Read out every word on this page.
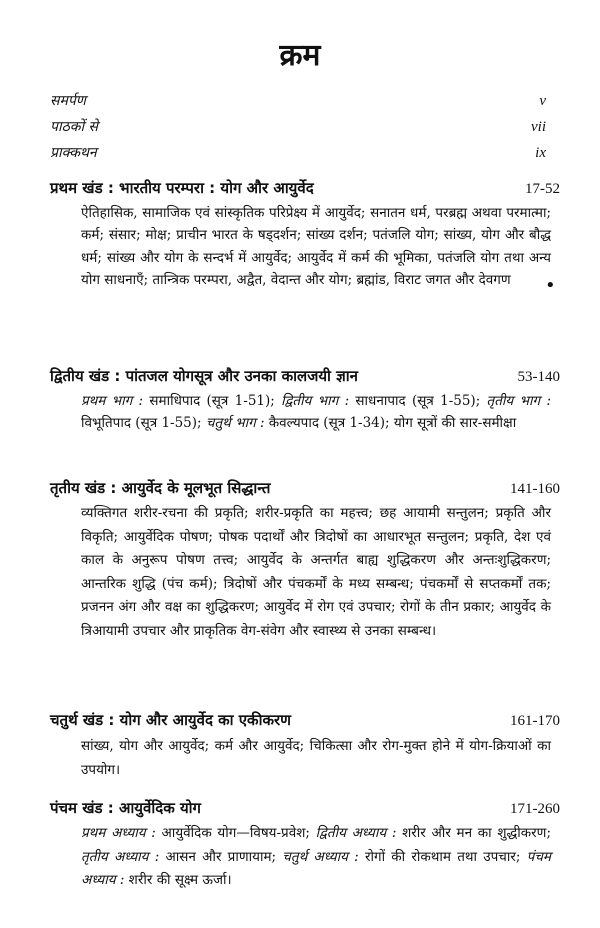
क्रम
समर्पण	v
पाठकों से	vii
प्राक्कथन	ix
प्रथम खंड : भारतीय परम्परा : योग और आयुर्वेद	17-52
ऐतिहासिक, सामाजिक एवं सांस्कृतिक परिप्रेक्ष्य में आयुर्वेद; सनातन धर्म, परब्रह्म अथवा परमात्मा; कर्म; संसार; मोक्ष; प्राचीन भारत के षड्दर्शन; सांख्य दर्शन; पतंजलि योग; सांख्य, योग और बौद्ध धर्म; सांख्य और योग के सन्दर्भ में आयुर्वेद; आयुर्वेद में कर्म की भूमिका, पतंजलि योग तथा अन्य योग साधनाएँ; तान्त्रिक परम्परा, अद्वैत, वेदान्त और योग; ब्रह्मांड, विराट जगत और देवगण	•
द्वितीय खंड : पांतजल योगसूत्र और उनका कालजयी ज्ञान	53-140
प्रथम भाग : समाधिपाद (सूत्र 1-51); द्वितीय भाग : साधनापाद (सूत्र 1-55); तृतीय भाग : विभूतिपाद (सूत्र 1-55); चतुर्थ भाग : कैवल्यपाद (सूत्र 1-34); योग सूत्रों की सार-समीक्षा
तृतीय खंड : आयुर्वेद के मूलभूत सिद्धान्त	141-160
व्यक्तिगत शरीर-रचना की प्रकृति; शरीर-प्रकृति का महत्त्व; छह आयामी सन्तुलन; प्रकृति और विकृति; आयुर्वेदिक पोषण; पोषक पदार्थों और त्रिदोषों का आधारभूत सन्तुलन; प्रकृति, देश एवं काल के अनुरूप पोषण तत्त्व; आयुर्वेद के अन्तर्गत बाह्य शुद्धिकरण और अन्तःशुद्धिकरण; आन्तरिक शुद्धि (पंच कर्म); त्रिदोषों और पंचकर्मों के मध्य सम्बन्ध; पंचकर्मों से सप्तकर्मों तक; प्रजनन अंग और वक्ष का शुद्धिकरण; आयुर्वेद में रोग एवं उपचार; रोगों के तीन प्रकार; आयुर्वेद के त्रिआयामी उपचार और प्राकृतिक वेग-संवेग और स्वास्थ्य से उनका सम्बन्ध।
चतुर्थ खंड : योग और आयुर्वेद का एकीकरण	161-170
सांख्य, योग और आयुर्वेद; कर्म और आयुर्वेद; चिकित्सा और रोग-मुक्त होने में योग-क्रियाओं का उपयोग।
पंचम खंड : आयुर्वेदिक योग	171-260
प्रथम अध्याय : आयुर्वेदिक योग—विषय-प्रवेश; द्वितीय अध्याय : शरीर और मन का शुद्धीकरण; तृतीय अध्याय : आसन और प्राणायाम; चतुर्थ अध्याय : रोगों की रोकथाम तथा उपचार; पंचम अध्याय : शरीर की सूक्ष्म ऊर्जा।
